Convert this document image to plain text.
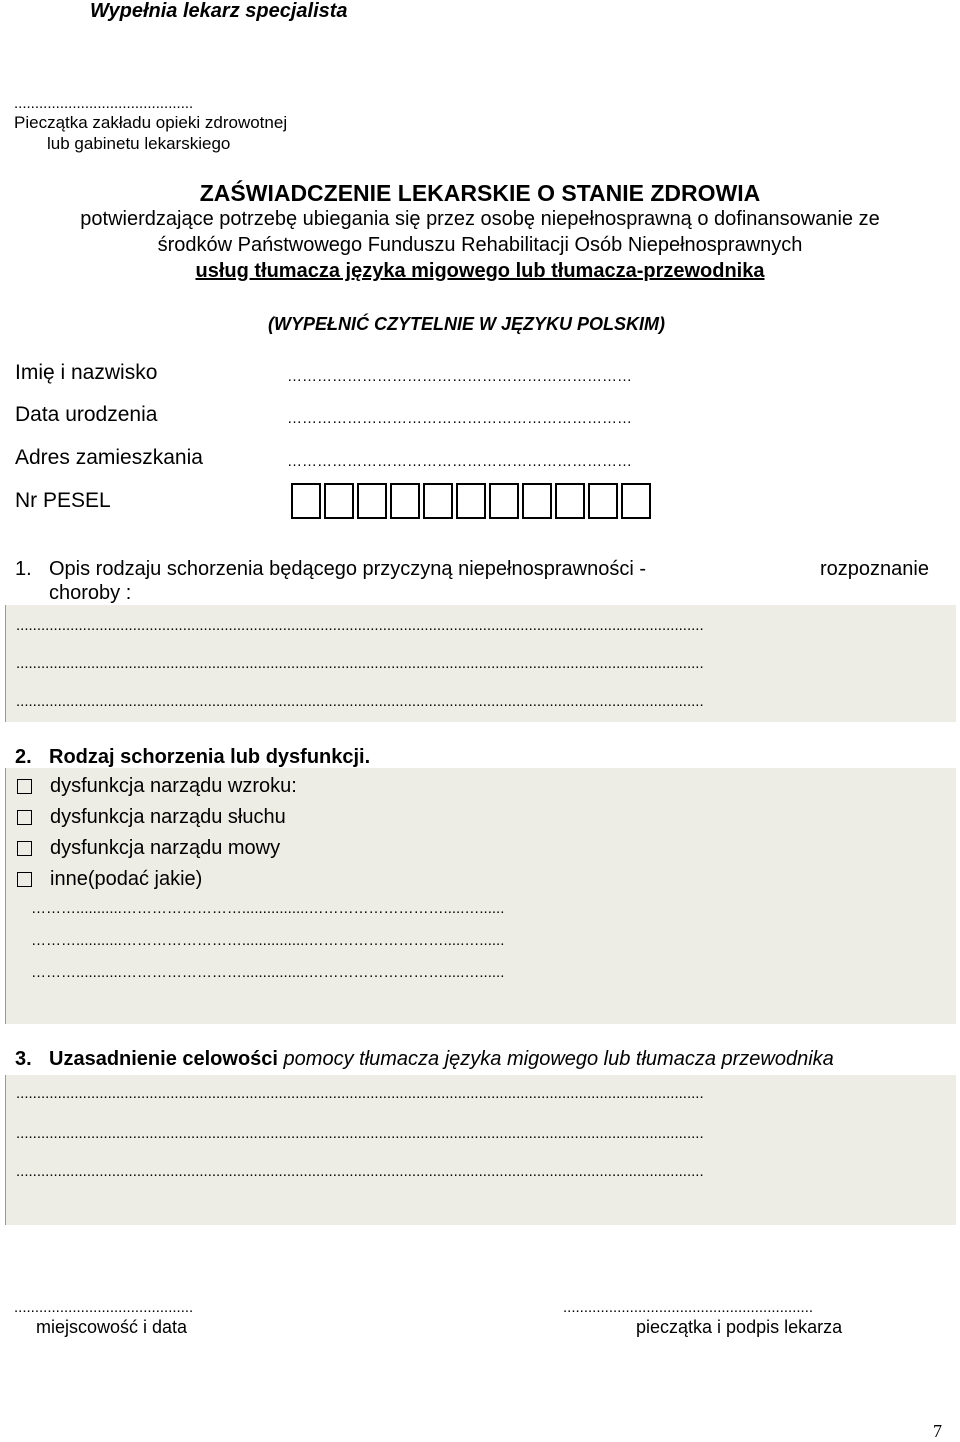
Wypełnia lekarz specjalista
...........................................
Pieczątka zakładu opieki zdrowotnej
lub gabinetu lekarskiego
ZAŚWIADCZENIE LEKARSKIE O STANIE ZDROWIA
potwierdzające potrzebę ubiegania się przez osobę niepełnosprawną o dofinansowanie ze
środków Państwowego Funduszu Rehabilitacji Osób Niepełnosprawnych
usług tłumacza języka migowego lub tłumacza-przewodnika
(WYPEŁNIĆ CZYTELNIE W JĘZYKU POLSKIM)
Imię i nazwisko	……………………………………………………………
Data urodzenia	……………………………………………………………
Adres zamieszkania	……………………………………………………………
Nr PESEL
1. Opis rodzaju schorzenia będącego przyczyną niepełnosprawności -	rozpoznanie
choroby :
.....................................................................................................................................................................
.....................................................................................................................................................................
.....................................................................................................................................................................
2. Rodzaj schorzenia lub dysfunkcji.
dysfunkcja narządu wzroku:
dysfunkcja narządu słuchu
dysfunkcja narządu mowy
inne(podać jakie)
………...........……………………................……………………….....…......
………...........……………………................……………………….....…......
………...........……………………................……………………….....…......
3. Uzasadnienie celowości pomocy tłumacza języka migowego lub tłumacza przewodnika
.....................................................................................................................................................................
.....................................................................................................................................................................
.....................................................................................................................................................................
...........................................
miejscowość i data
............................................................
pieczątka i podpis lekarza
7
